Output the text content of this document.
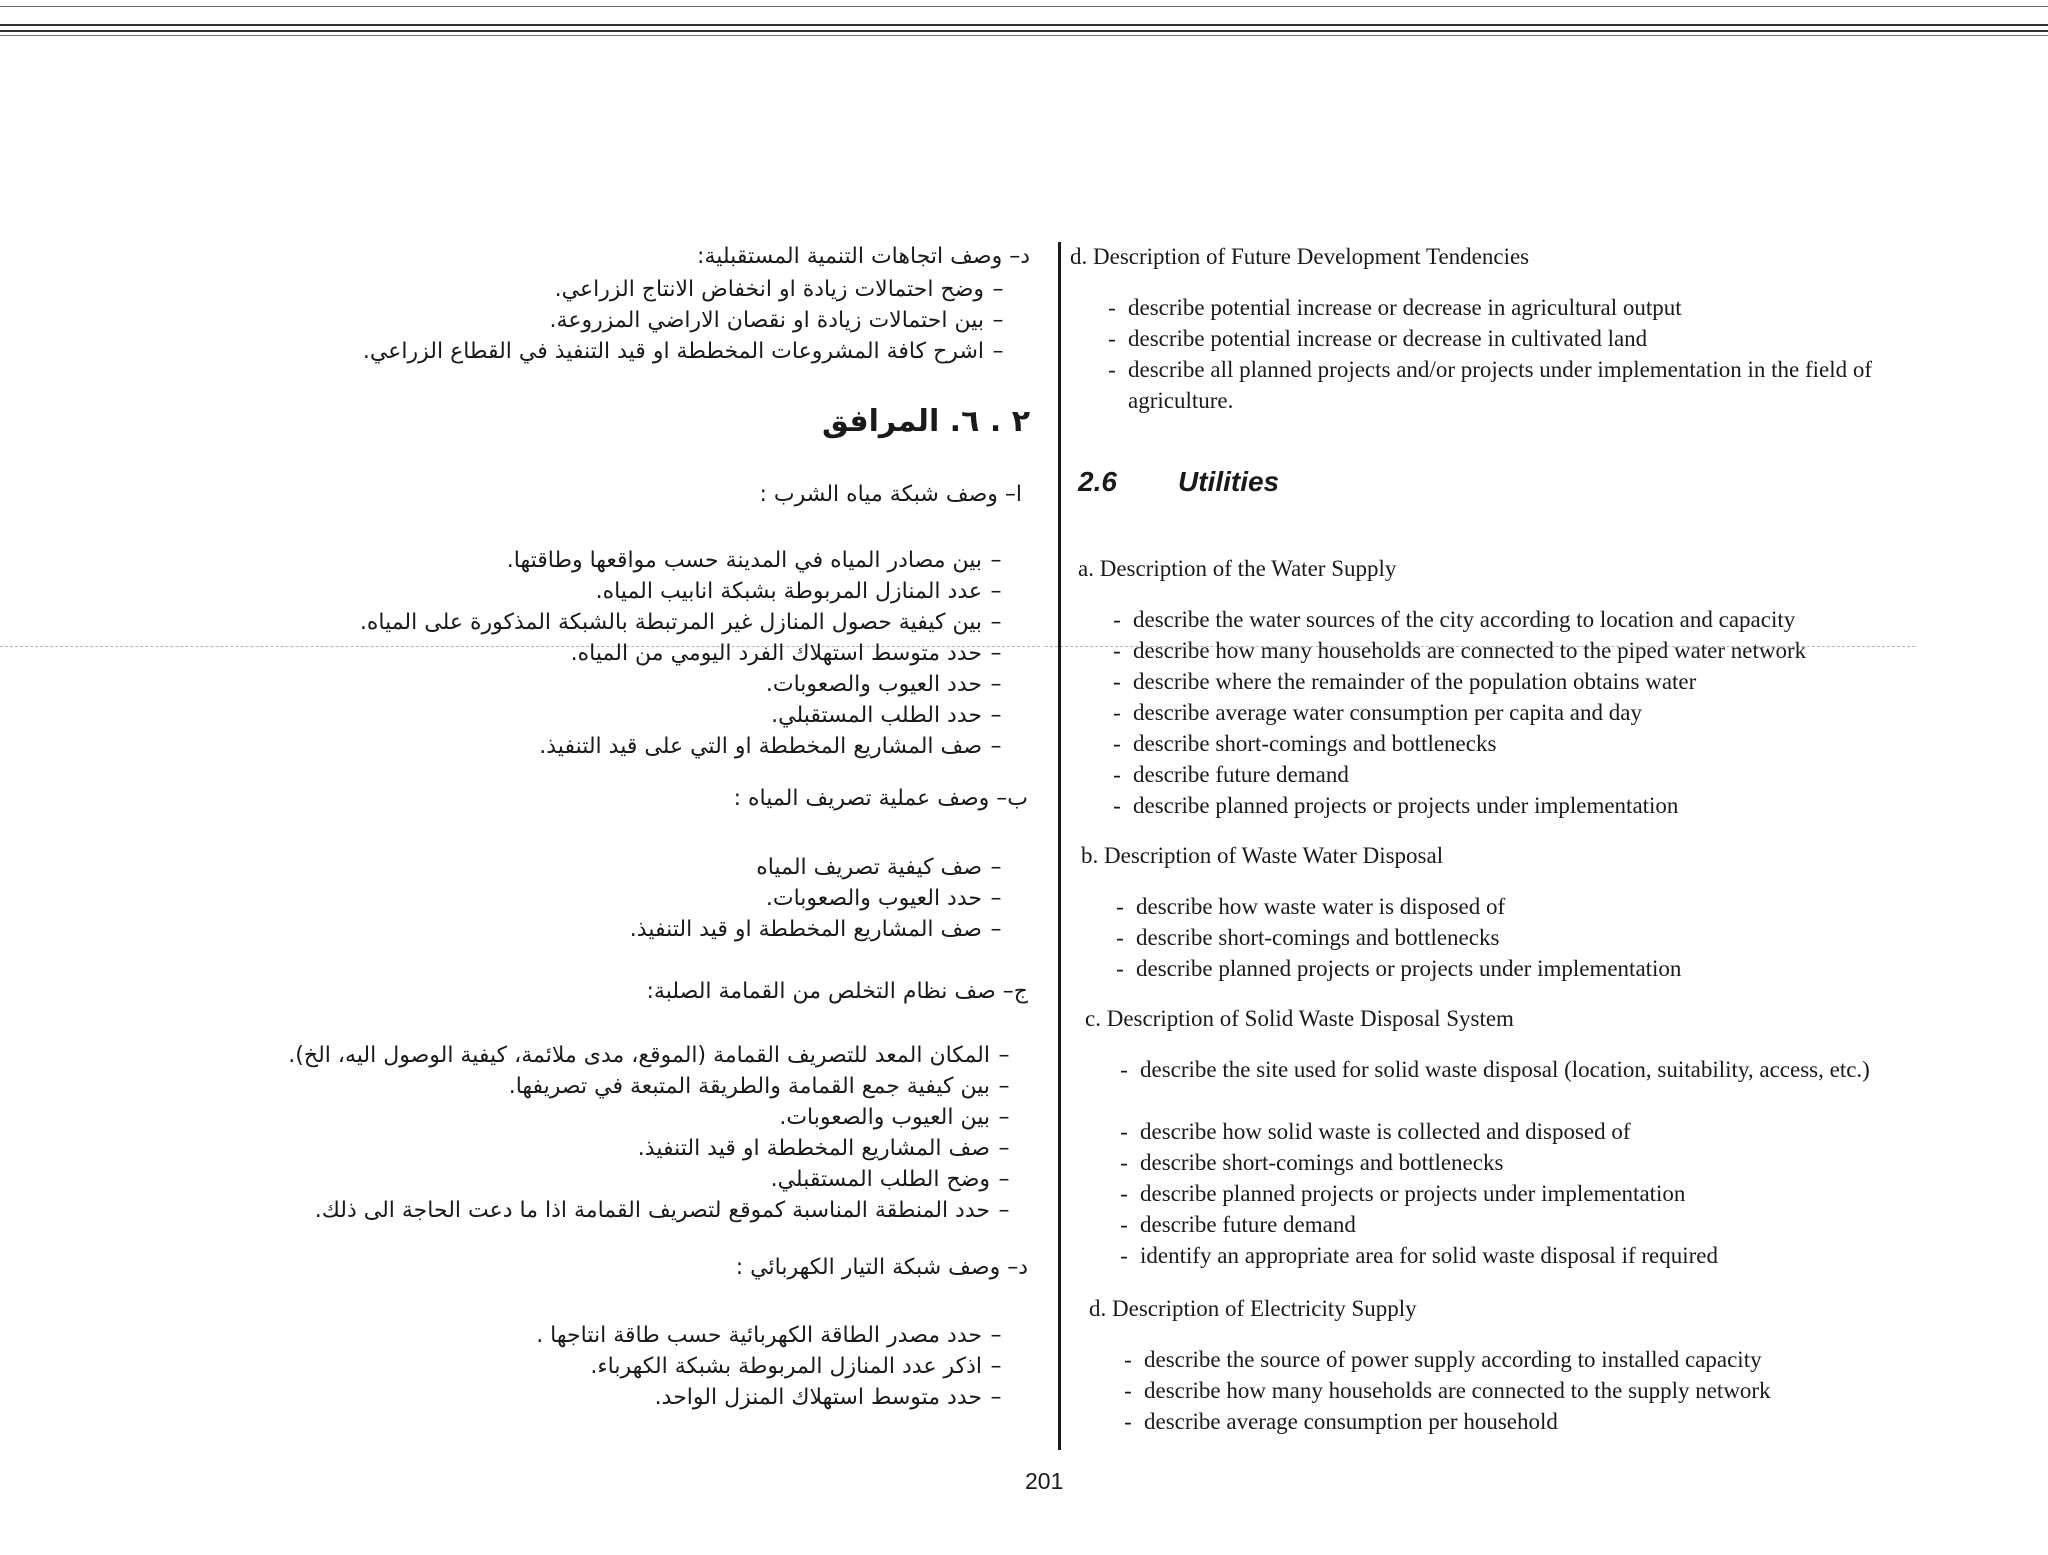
d. Description of Future Development Tendencies
- describe potential increase or decrease in agricultural output
- describe potential increase or decrease in cultivated land
- describe all planned projects and/or projects under implementation in the field of agriculture.
2.6 Utilities
a. Description of the Water Supply
- describe the water sources of the city according to location and capacity
- describe how many households are connected to the piped water network
- describe where the remainder of the population obtains water
- describe average water consumption per capita and day
- describe short-comings and bottlenecks
- describe future demand
- describe planned projects or projects under implementation
b. Description of Waste Water Disposal
- describe how waste water is disposed of
- describe short-comings and bottlenecks
- describe planned projects or projects under implementation
c. Description of Solid Waste Disposal System
- describe the site used for solid waste disposal (location, suitability, access, etc.)
- describe how solid waste is collected and disposed of
- describe short-comings and bottlenecks
- describe planned projects or projects under implementation
- describe future demand
- identify an appropriate area for solid waste disposal if required
d. Description of Electricity Supply
- describe the source of power supply according to installed capacity
- describe how many households are connected to the supply network
- describe average consumption per household
د– وصف اتجاهات التنمية المستقبلية:
–وضح احتمالات زيادة او انخفاض الانتاج الزراعي.
–بين احتمالات زيادة او نقصان الاراضي المزروعة.
–اشرح كافة المشروعات المخططة او قيد التنفيذ في القطاع الزراعي.
٢ . ٦. المرافق
ا– وصف شبكة مياه الشرب :
–بين مصادر المياه في المدينة حسب مواقعها وطاقتها.
–عدد المنازل المربوطة بشبكة انابيب المياه.
–بين كيفية حصول المنازل غير المرتبطة بالشبكة المذكورة على المياه.
–حدد متوسط استهلاك الفرد اليومي من المياه.
–حدد العيوب والصعوبات.
–حدد الطلب المستقبلي.
–صف المشاريع المخططة او التي على قيد التنفيذ.
ب– وصف عملية تصريف المياه :
–صف كيفية تصريف المياه
–حدد العيوب والصعوبات.
–صف المشاريع المخططة او قيد التنفيذ.
ج– صف نظام التخلص من القمامة الصلبة:
–المكان المعد للتصريف القمامة (الموقع، مدى ملائمة، كيفية الوصول اليه، الخ).
–بين كيفية جمع القمامة والطريقة المتبعة في تصريفها.
–بين العيوب والصعوبات.
–صف المشاريع المخططة او قيد التنفيذ.
–وضح الطلب المستقبلي.
–حدد المنطقة المناسبة كموقع لتصريف القمامة اذا ما دعت الحاجة الى ذلك.
د– وصف شبكة التيار الكهربائي :
–حدد مصدر الطاقة الكهربائية حسب طاقة انتاجها .
–اذكر عدد المنازل المربوطة بشبكة الكهرباء.
–حدد متوسط استهلاك المنزل الواحد.
201
